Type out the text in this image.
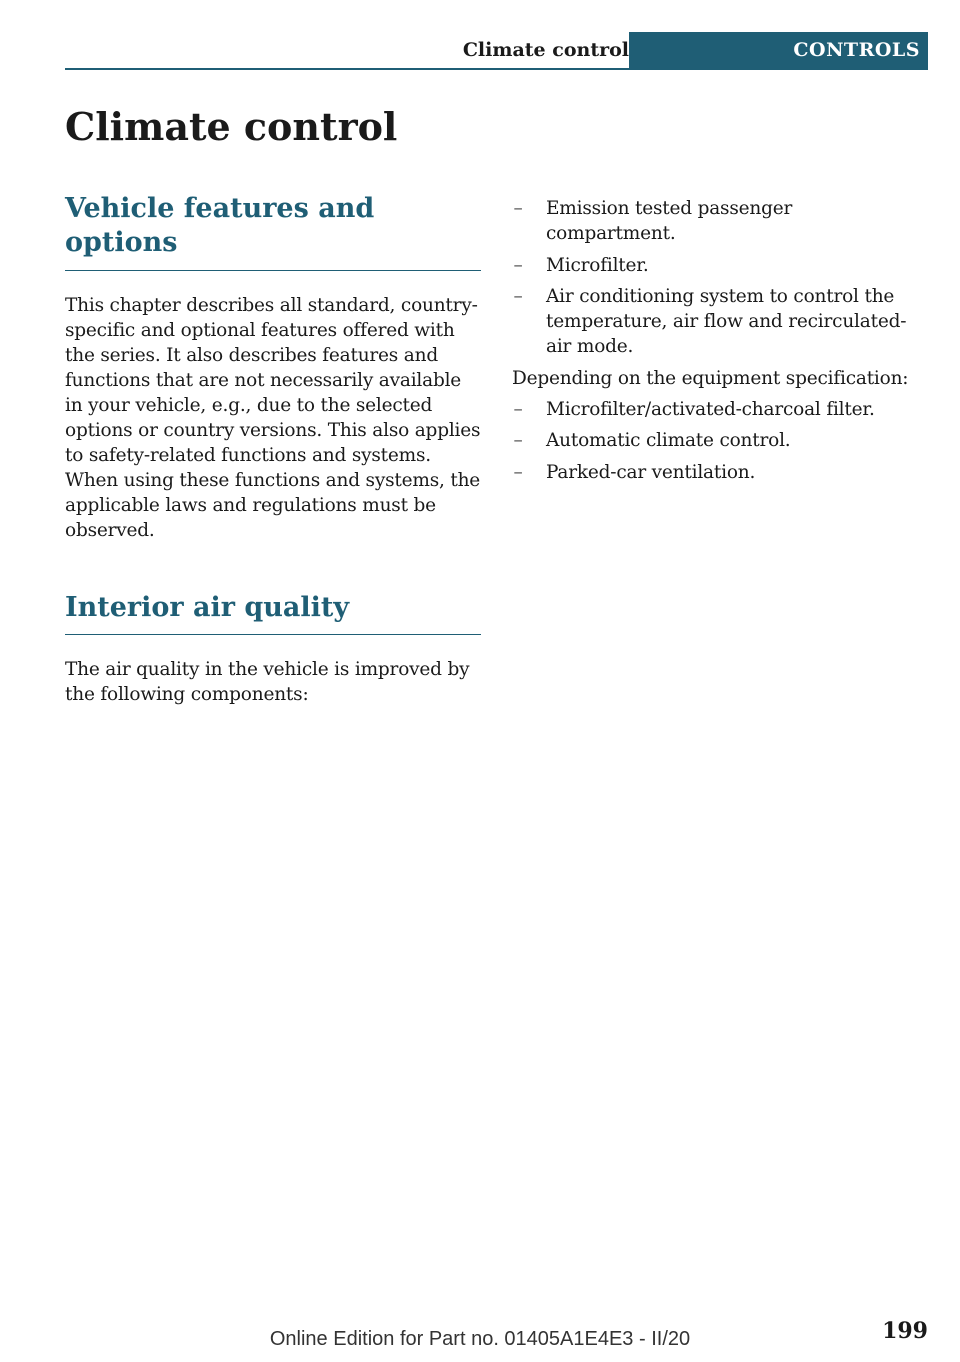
Climate control	CONTROLS
Climate control
Vehicle features and options

This chapter describes all standard, country-specific and optional features offered with the series. It also describes features and functions that are not necessarily available in your vehicle, e.g., due to the selected options or country versions. This also applies to safety-related functions and systems. When using these functions and systems, the applicable laws and regulations must be observed.

Interior air quality

The air quality in the vehicle is improved by the following components:

– Emission tested passenger compartment.
– Microfilter.
– Air conditioning system to control the temperature, air flow and recirculated-air mode.

Depending on the equipment specification:

– Microfilter/activated-charcoal filter.
– Automatic climate control.
– Parked-car ventilation.
199
Online Edition for Part no. 01405A1E4E3 - II/20
